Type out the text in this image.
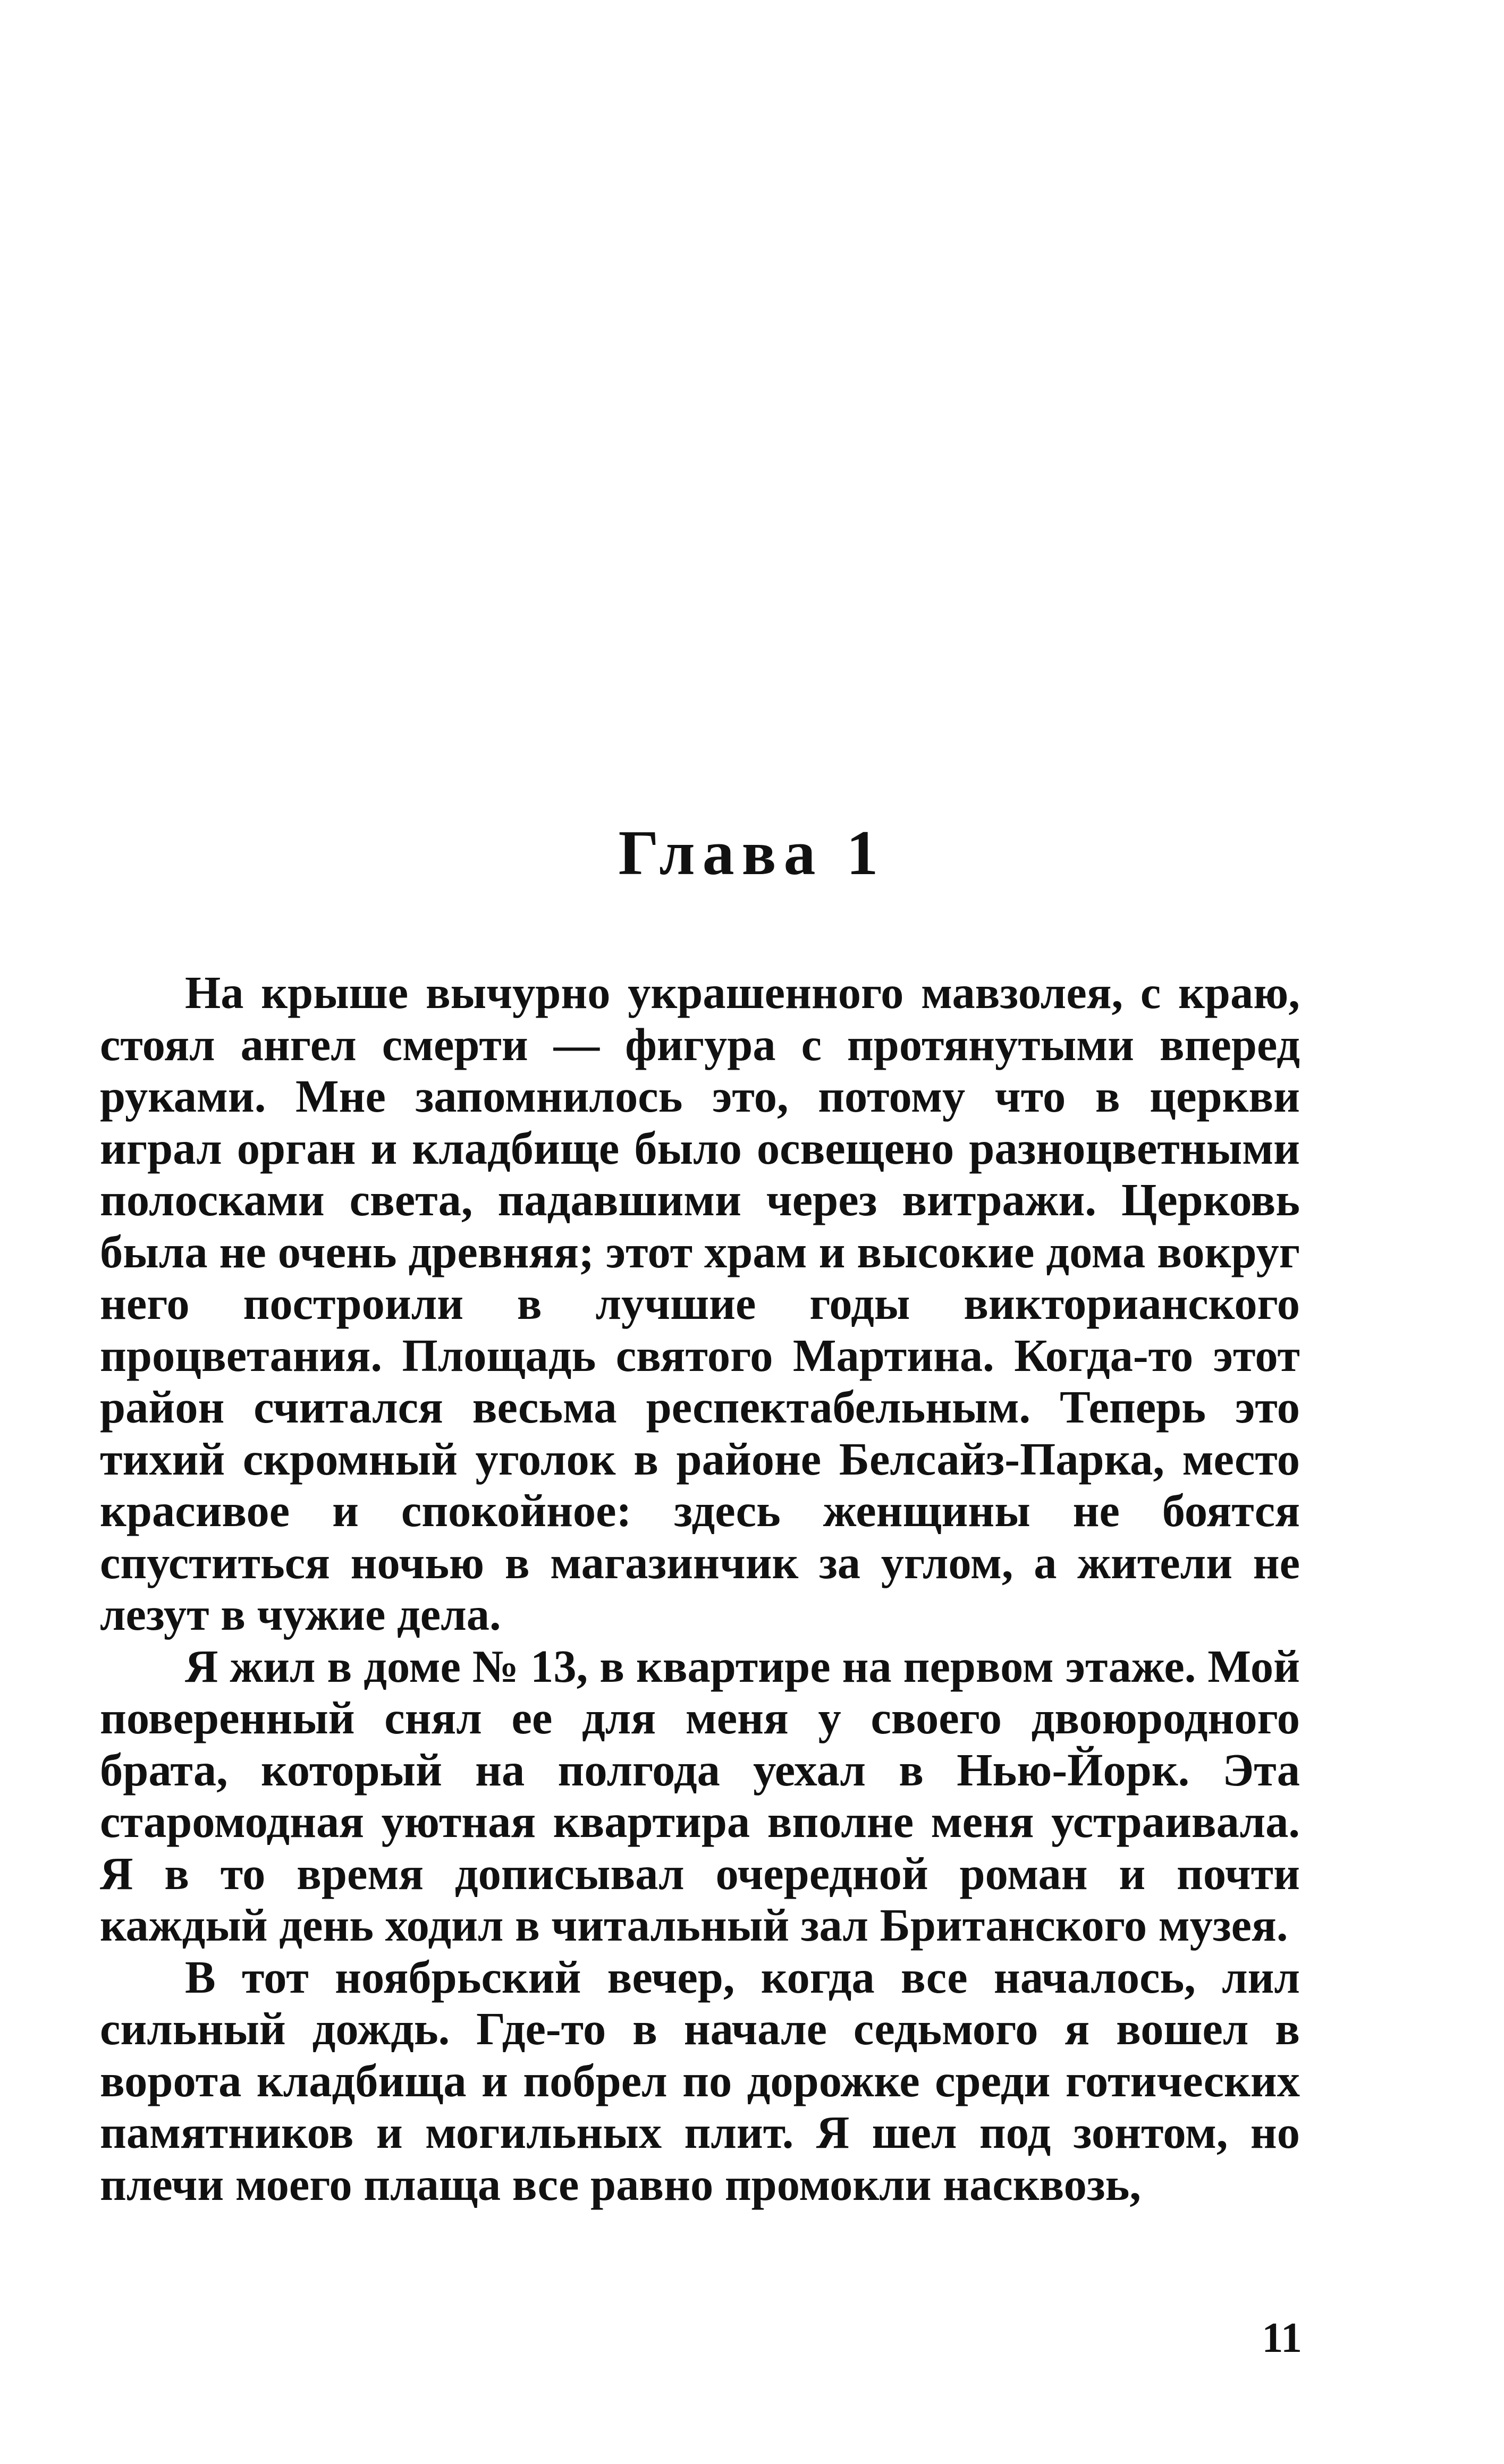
Глава 1

На крыше вычурно украшенного мавзолея, с краю, стоял ангел смерти — фигура с протянутыми вперед руками. Мне запомнилось это, потому что в церкви играл орган и кладбище было освещено разноцветными полосками света, падавшими через витражи. Церковь была не очень древняя; этот храм и высокие дома вокруг него построили в лучшие годы викторианского процветания. Площадь святого Мартина. Когда-то этот район считался весьма респектабельным. Теперь это тихий скромный уголок в районе Белсайз-Парка, место красивое и спокойное: здесь женщины не боятся спуститься ночью в магазинчик за углом, а жители не лезут в чужие дела.

Я жил в доме № 13, в квартире на первом этаже. Мой поверенный снял ее для меня у своего двоюродного брата, который на полгода уехал в Нью-Йорк. Эта старомодная уютная квартира вполне меня устраивала. Я в то время дописывал очередной роман и почти каждый день ходил в читальный зал Британского музея.

В тот ноябрьский вечер, когда все началось, лил сильный дождь. Где-то в начале седьмого я вошел в ворота кладбища и побрел по дорожке среди готических памятников и могильных плит. Я шел под зонтом, но плечи моего плаща все равно промокли насквозь,

11
